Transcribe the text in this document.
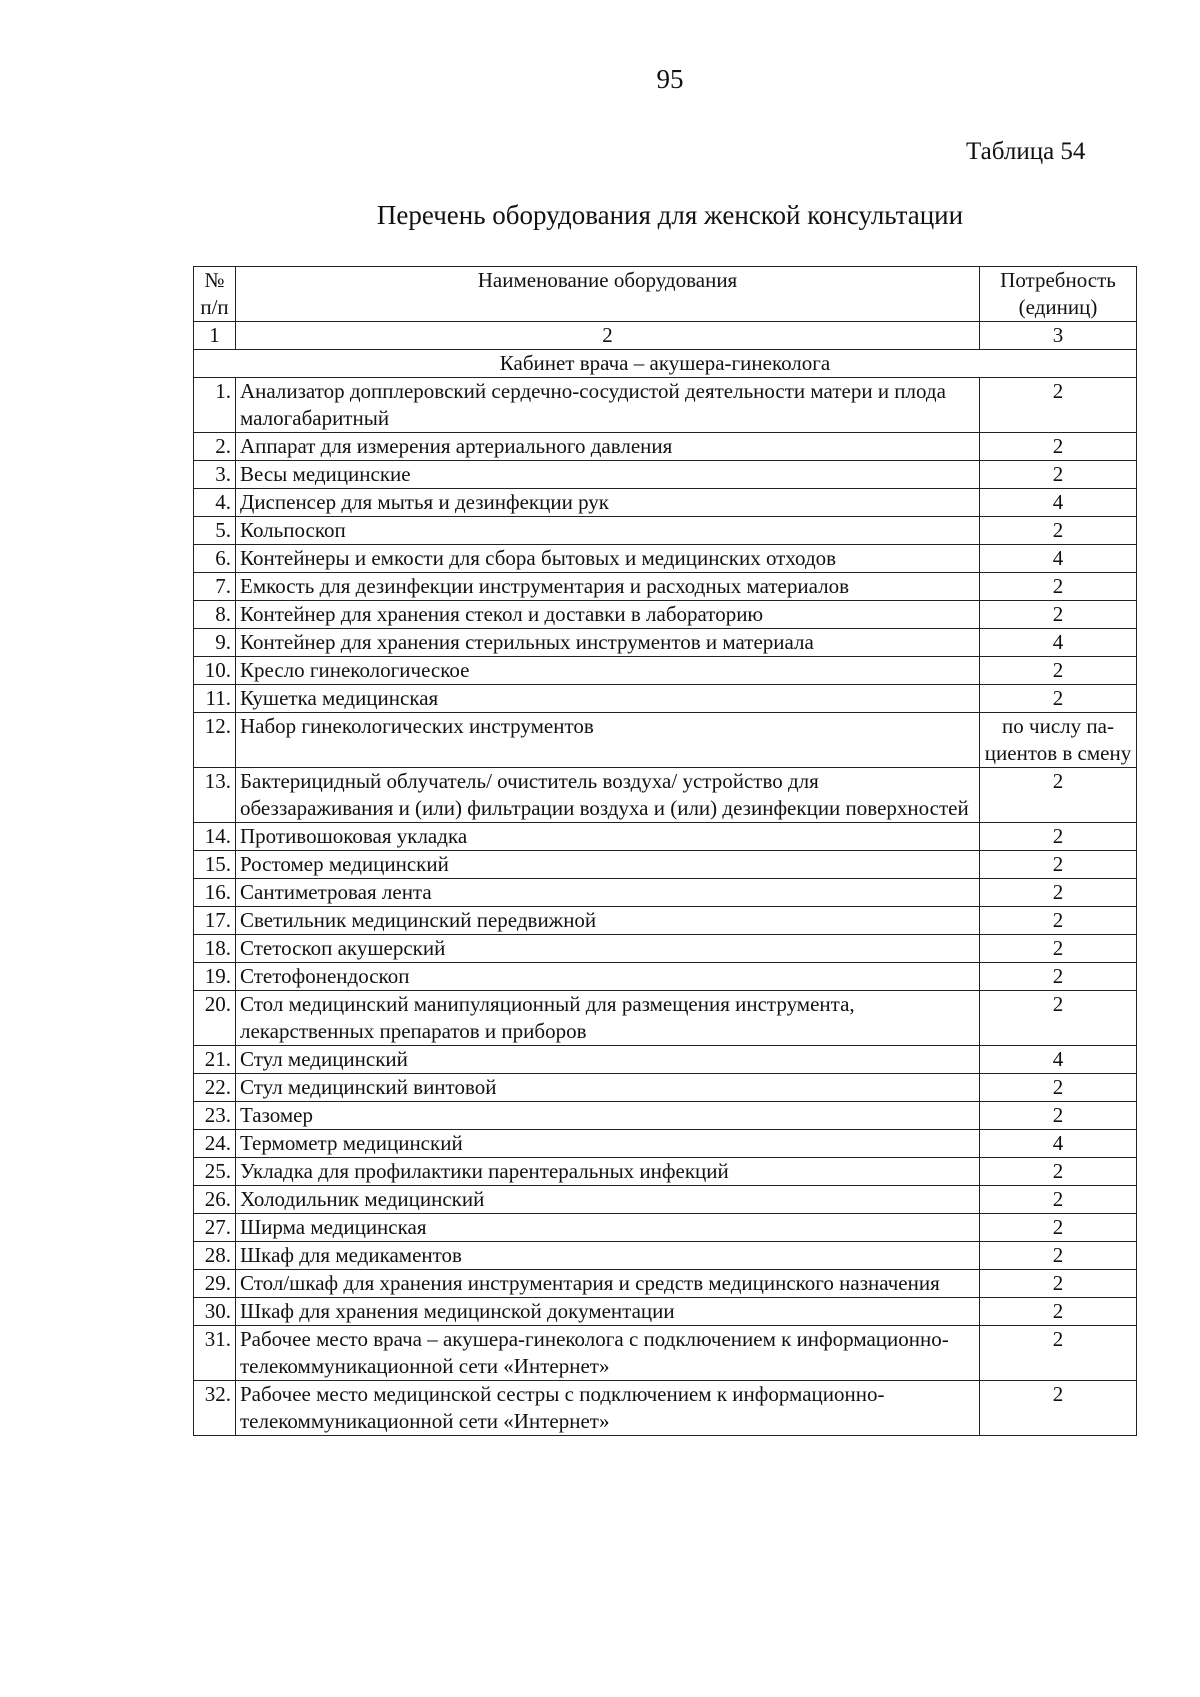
95
Таблица 54
Перечень оборудования для женской консультации
№ п/п	Наименование оборудования	Потребность (единиц)
1	2	3
Кабинет врача – акушера-гинеколога		
1.	Анализатор допплеровский сердечно-сосудистой деятельности матери и плода малогабаритный	2
2.	Аппарат для измерения артериального давления	2
3.	Весы медицинские	2
4.	Диспенсер для мытья и дезинфекции рук	4
5.	Кольпоскоп	2
6.	Контейнеры и емкости для сбора бытовых и медицинских отходов	4
7.	Емкость для дезинфекции инструментария и расходных материалов	2
8.	Контейнер для хранения стекол и доставки в лабораторию	2
9.	Контейнер для хранения стерильных инструментов и материала	4
10.	Кресло гинекологическое	2
11.	Кушетка медицинская	2
12.	Набор гинекологических инструментов	по числу па-циентов в смену
13.	Бактерицидный облучатель/ очиститель воздуха/ устройство для обеззараживания и (или) фильтрации воздуха и (или) дезинфекции поверхностей	2
14.	Противошоковая укладка	2
15.	Ростомер медицинский	2
16.	Сантиметровая лента	2
17.	Светильник медицинский передвижной	2
18.	Стетоскоп акушерский	2
19.	Стетофонендоскоп	2
20.	Стол медицинский манипуляционный для размещения инструмента, лекарственных препаратов и приборов	2
21.	Стул медицинский	4
22.	Стул медицинский винтовой	2
23.	Тазомер	2
24.	Термометр медицинский	4
25.	Укладка для профилактики парентеральных инфекций	2
26.	Холодильник медицинский	2
27.	Ширма медицинская	2
28.	Шкаф для медикаментов	2
29.	Стол/шкаф для хранения инструментария и средств медицинского назначения	2
30.	Шкаф для хранения медицинской документации	2
31.	Рабочее место врача – акушера-гинеколога с подключением к информационно-телекоммуникационной сети «Интернет»	2
32.	Рабочее место медицинской сестры с подключением к информационно-телекоммуникационной сети «Интернет»	2
